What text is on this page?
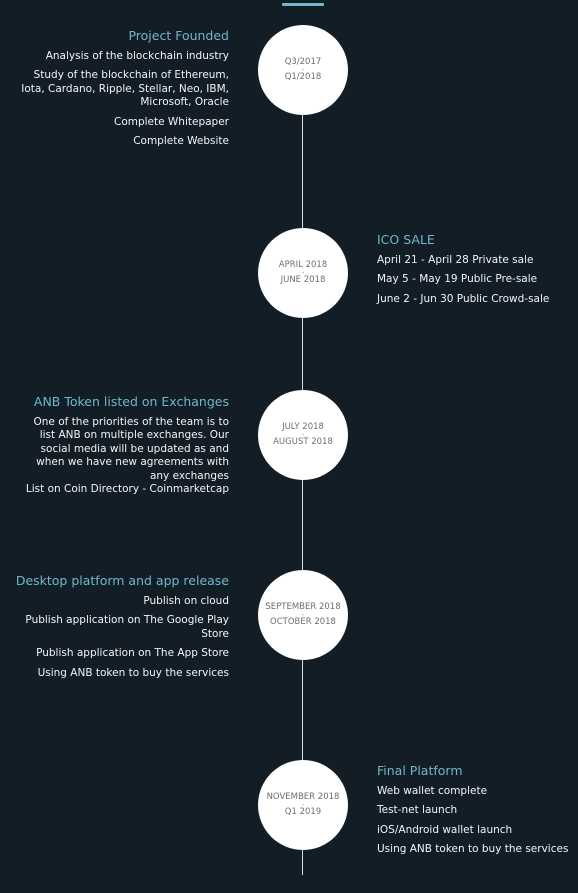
Q3/2017
-
Q1/2018
Project Founded
Analysis of the blockchain industry
Study of the blockchain of Ethereum, Iota, Cardano, Ripple, Stellar, Neo, IBM, Microsoft, Oracle
Complete Whitepaper
Complete Website
APRIL 2018
-
JUNE 2018
ICO SALE
April 21 - April 28 Private sale
May 5 - May 19 Public Pre-sale
June 2 - Jun 30 Public Crowd-sale
JULY 2018
-
AUGUST 2018
ANB Token listed on Exchanges
One of the priorities of the team is to list ANB on multiple exchanges. Our social media will be updated as and when we have new agreements with any exchanges
List on Coin Directory - Coinmarketcap
SEPTEMBER 2018
-
OCTOBER 2018
Desktop platform and app release
Publish on cloud
Publish application on The Google Play Store
Publish application on The App Store
Using ANB token to buy the services
NOVEMBER 2018
-
Q1 2019
Final Platform
Web wallet complete
Test-net launch
iOS/Android wallet launch
Using ANB token to buy the services
